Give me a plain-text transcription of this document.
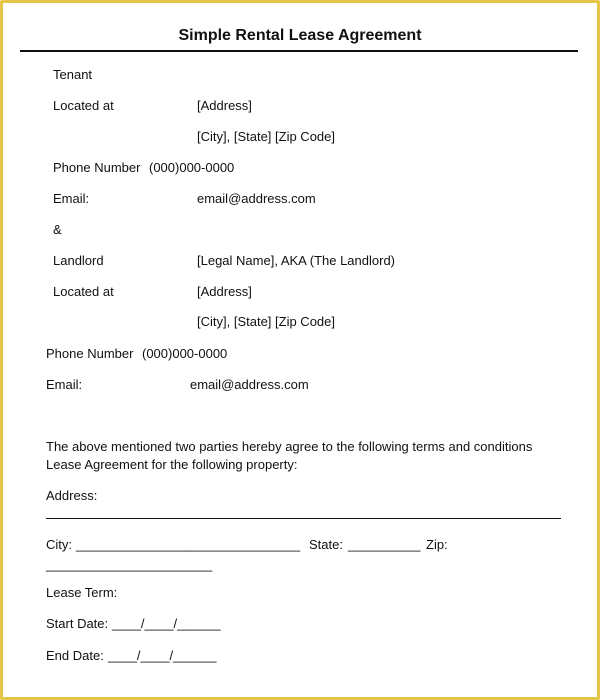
Simple Rental Lease Agreement
Tenant
Located at	[Address]
[City], [State] [Zip Code]
Phone Number (000)000-0000
Email:	email@address.com
&
Landlord	[Legal Name], AKA (The Landlord)
Located at	[Address]
[City], [State] [Zip Code]
Phone Number (000)000-0000
Email:	email@address.com
The above mentioned two parties hereby agree to the following terms and conditions Lease Agreement for the following property:
Address:
City: _______________________________ State: __________ Zip:
_______________________
Lease Term:
Start Date: ____/____/______
End Date: ____/____/______
